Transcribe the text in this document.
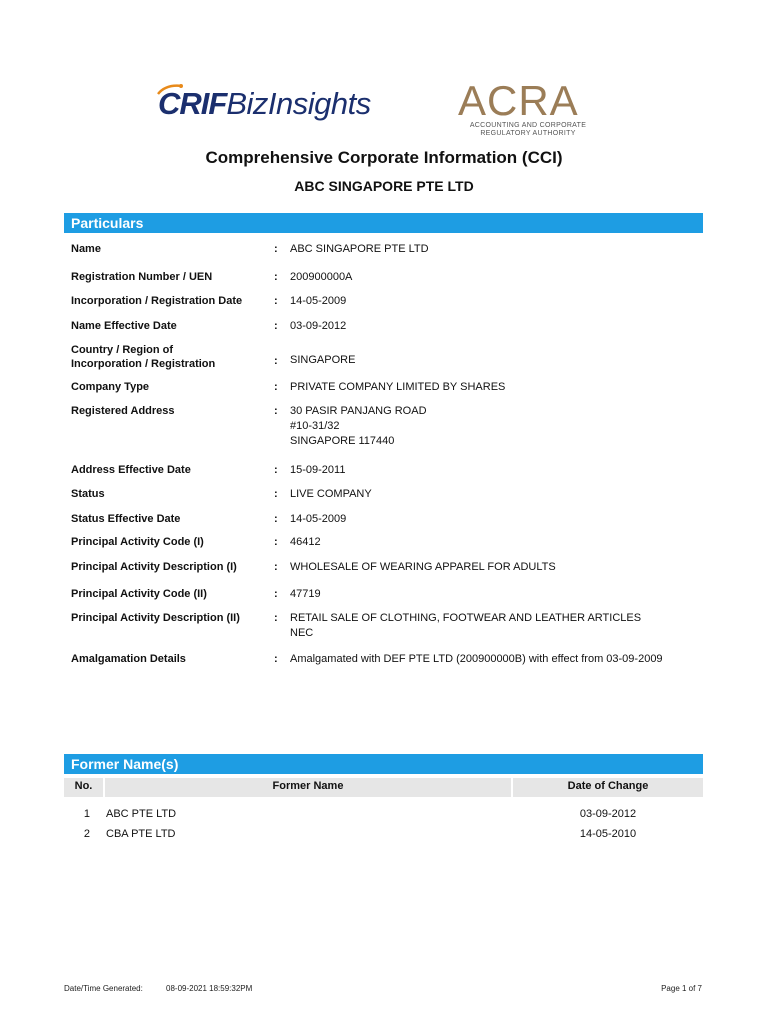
CRIFBizInsights ACRA
ACCOUNTING AND CORPORATE
REGULATORY AUTHORITY
Comprehensive Corporate Information (CCI)
ABC SINGAPORE PTE LTD
Particulars
Name	: ABC SINGAPORE PTE LTD
Registration Number / UEN	: 200900000A
Incorporation / Registration Date	: 14-05-2009
Name Effective Date	: 03-09-2012
Country / Region of
Incorporation / Registration	: SINGAPORE
Company Type	: PRIVATE COMPANY LIMITED BY SHARES
Registered Address	: 30 PASIR PANJANG ROAD
#10-31/32
SINGAPORE 117440
Address Effective Date	: 15-09-2011
Status	: LIVE COMPANY
Status Effective Date	: 14-05-2009
Principal Activity Code (I)	: 46412
Principal Activity Description (I)	: WHOLESALE OF WEARING APPAREL FOR ADULTS
Principal Activity Code (II)	: 47719
Principal Activity Description (II)	: RETAIL SALE OF CLOTHING, FOOTWEAR AND LEATHER ARTICLES
NEC
Amalgamation Details	: Amalgamated with DEF PTE LTD (200900000B) with effect from 03-09-2009
Former Name(s)
No.	Former Name	Date of Change
1 ABC PTE LTD	03-09-2012
2 CBA PTE LTD	14-05-2010
Date/Time Generated:	08-09-2021 18:59:32PM	Page 1 of 7
